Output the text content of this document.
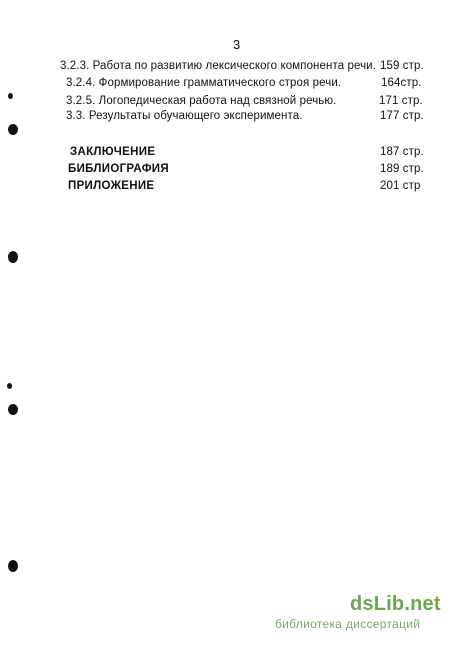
3
3.2.3. Работа по развитию лексического компонента речи. 159 стр.
3.2.4. Формирование грамматического строя речи.	164стр.
3.2.5. Логопедическая работа над связной речью.	171 стр.
3.3. Результаты обучающего эксперимента.	177 стр.
ЗАКЛЮЧЕНИЕ	187 стр.
БИБЛИОГРАФИЯ	189 стр.
ПРИЛОЖЕНИЕ	201 стр
dsLib.net
библиотека диссертаций
